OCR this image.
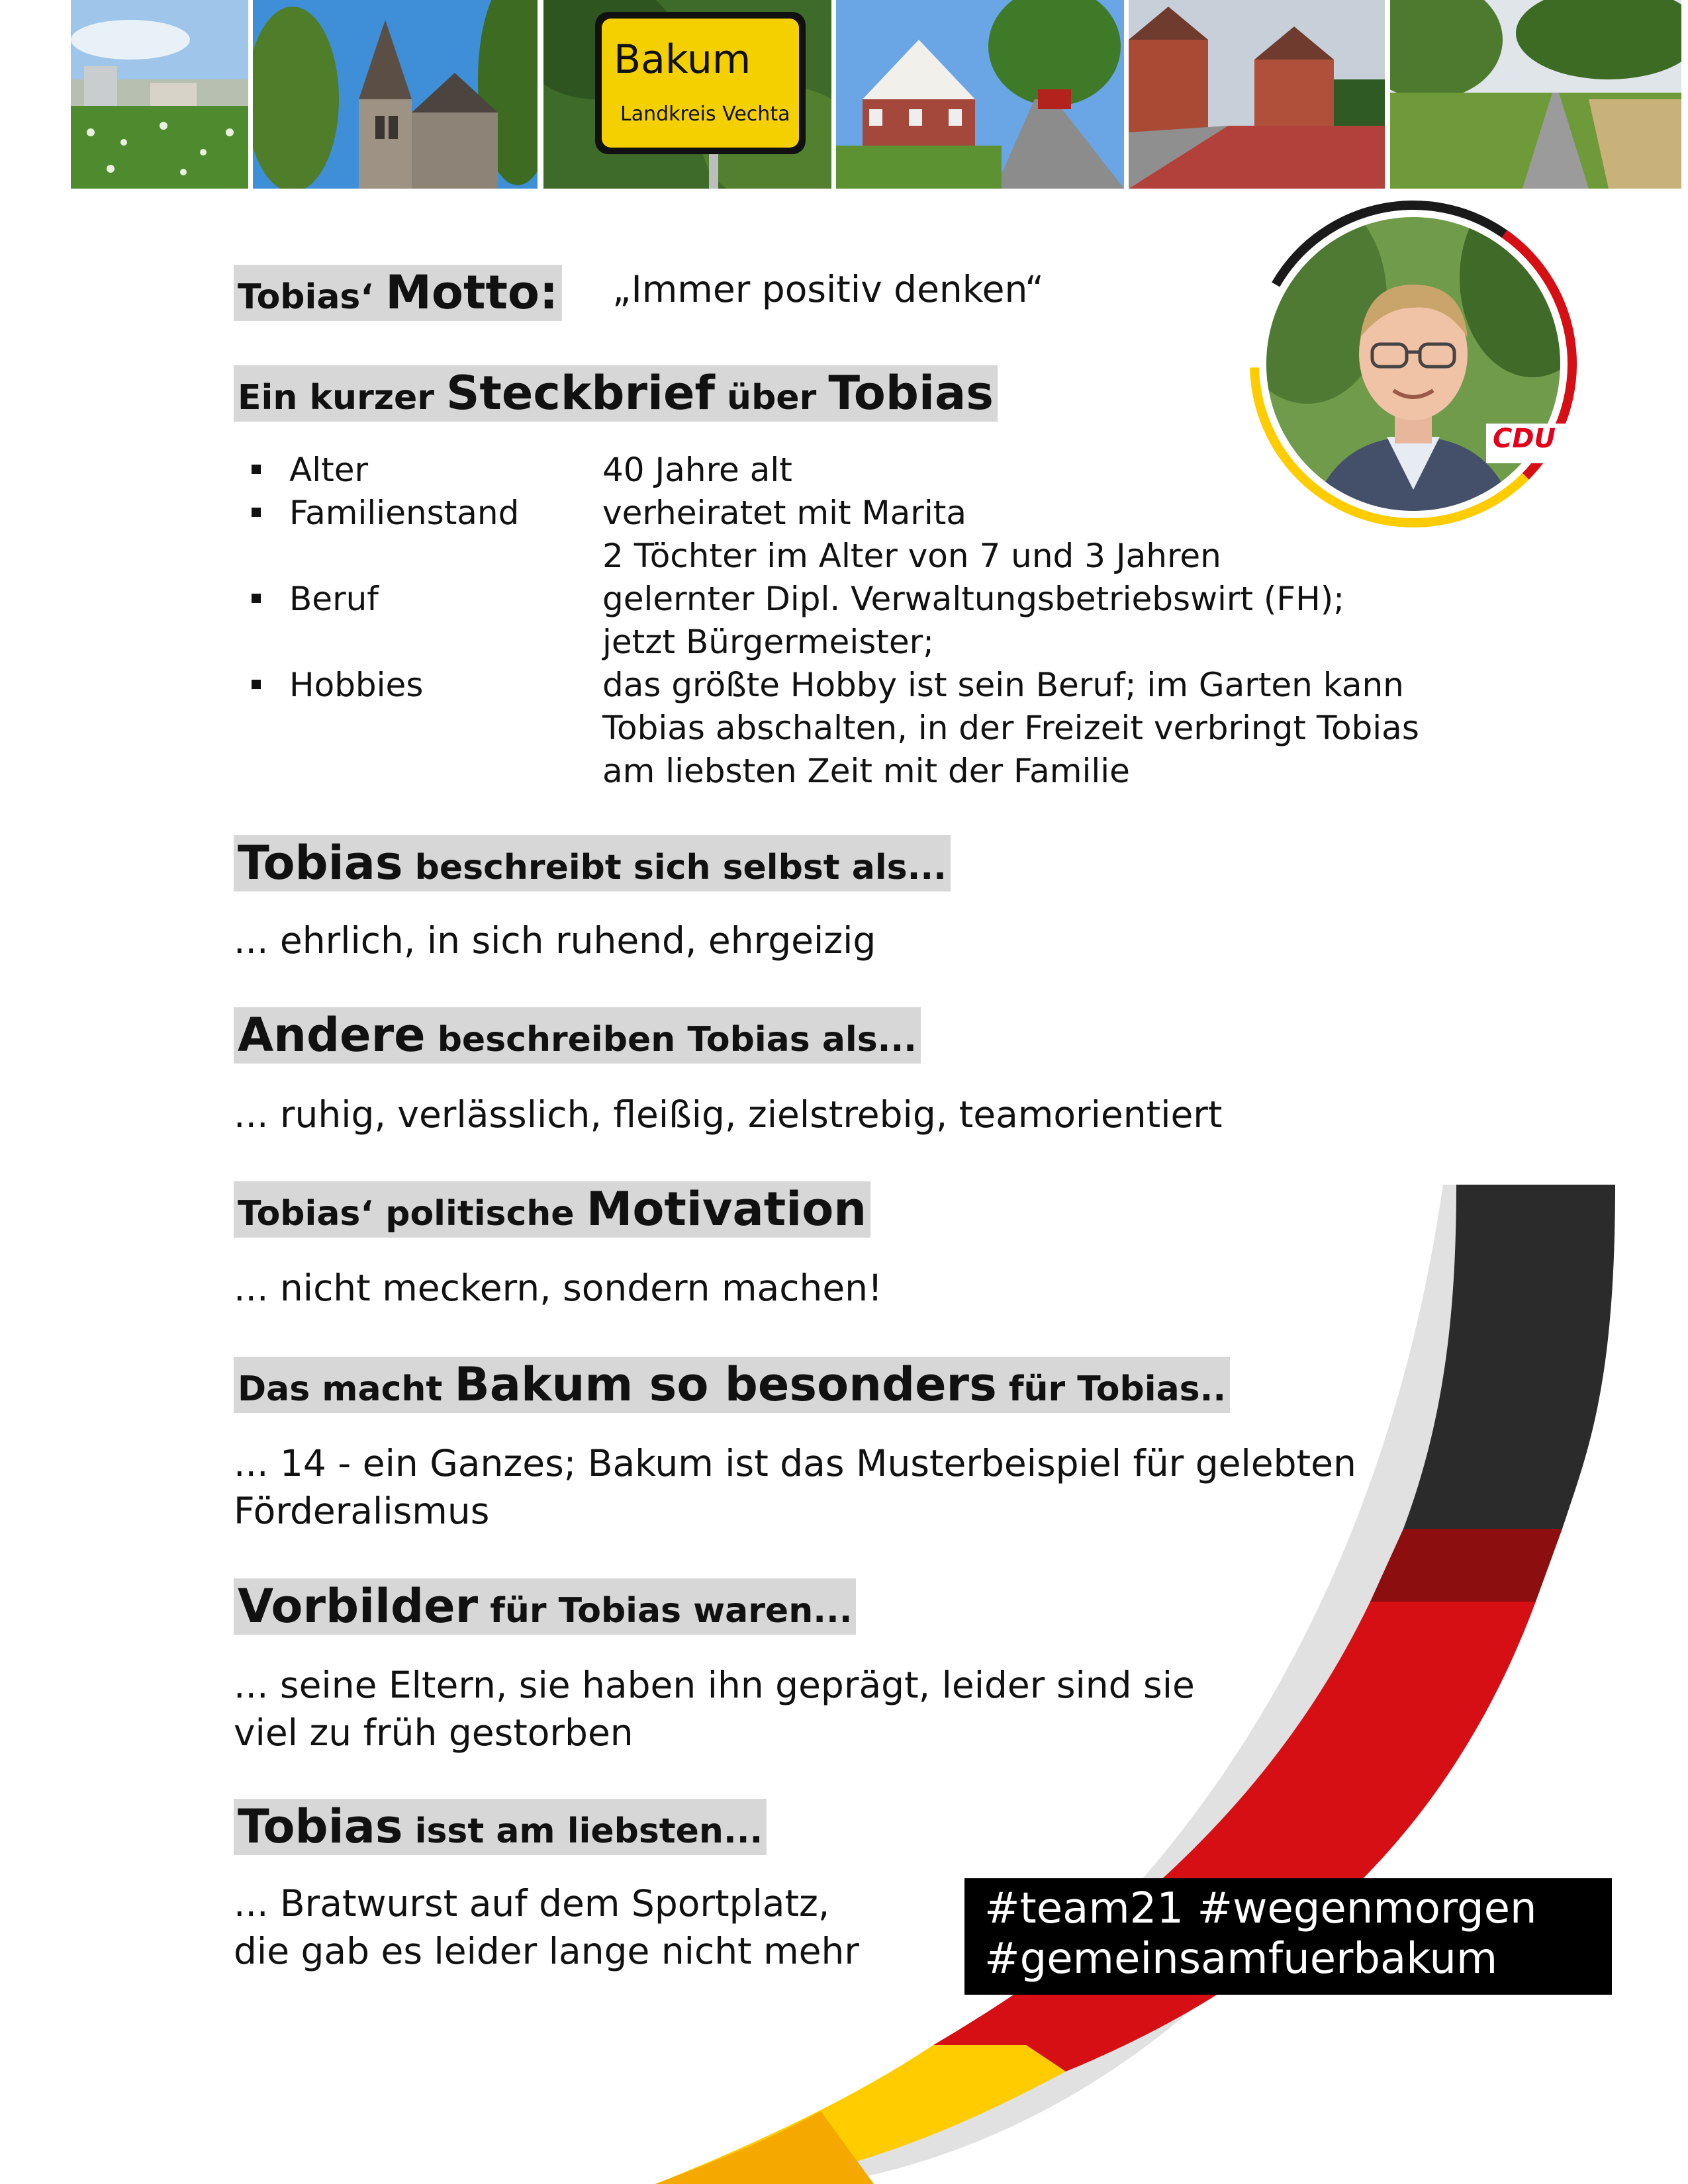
Bakum
Landkreis Vechta
CDU
Tobias‘ Motto: „Immer positiv denken“
Ein kurzer Steckbrief über Tobias
Alter	40 Jahre alt
Familienstand	verheiratet mit Marita
2 Töchter im Alter von 7 und 3 Jahren
Beruf	gelernter Dipl. Verwaltungsbetriebswirt (FH);
jetzt Bürgermeister;
Hobbies	das größte Hobby ist sein Beruf; im Garten kann
Tobias abschalten, in der Freizeit verbringt Tobias
am liebsten Zeit mit der Familie
Tobias beschreibt sich selbst als...
... ehrlich, in sich ruhend, ehrgeizig
Andere beschreiben Tobias als...
... ruhig, verlässlich, fleißig, zielstrebig, teamorientiert
Tobias‘ politische Motivation
... nicht meckern, sondern machen!
Das macht Bakum so besonders für Tobias..
... 14 - ein Ganzes; Bakum ist das Musterbeispiel für gelebten
Förderalismus
Vorbilder für Tobias waren...
... seine Eltern, sie haben ihn geprägt, leider sind sie
viel zu früh gestorben
Tobias isst am liebsten...
... Bratwurst auf dem Sportplatz,
die gab es leider lange nicht mehr
#team21 #wegenmorgen
#gemeinsamfuerbakum
